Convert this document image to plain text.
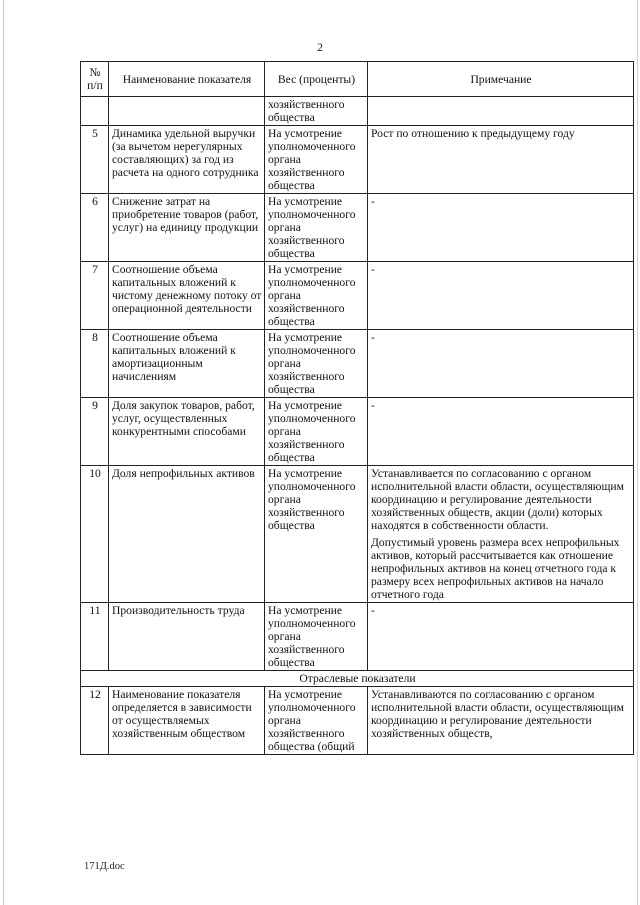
2
№ п/п	Наименование показателя	Вес (проценты)	Примечание
		хозяйственного общества	
5	Динамика удельной выручки (за вычетом нерегулярных составляющих) за год из расчета на одного сотрудника	На усмотрение уполномоченного органа хозяйственного общества	Рост по отношению к предыдущему году

6	Снижение затрат на приобретение товаров (работ, услуг) на единицу продукции	На усмотрение уполномоченного органа хозяйственного общества	-

7	Соотношение объема капитальных вложений к чистому денежному потоку от операционной деятельности	На усмотрение уполномоченного органа хозяйственного общества	-

8	Соотношение объема капитальных вложений к амортизационным начислениям	На усмотрение уполномоченного органа хозяйственного общества	-

9	Доля закупок товаров, работ, услуг, осуществленных конкурентными способами	На усмотрение уполномоченного органа хозяйственного общества	-

10	Доля непрофильных активов	На усмотрение уполномоченного органа хозяйственного общества	Устанавливается по согласованию с органом исполнительной власти области, осуществляющим координацию и регулирование деятельности хозяйственных обществ, акции (доли) которых находятся в собственности области.

Допустимый уровень размера всех непрофильных активов, который рассчитывается как отношение непрофильных активов на конец отчетного года к размеру всех непрофильных активов на начало отчетного года

11	Производительность труда	На усмотрение уполномоченного органа хозяйственного общества	-

Отраслевые показатели			
12	Наименование показателя определяется в зависимости от осуществляемых хозяйственным обществом	На усмотрение уполномоченного органа хозяйственного общества (общий	Устанавливаются по согласованию с органом исполнительной власти области, осуществляющим координацию и регулирование деятельности хозяйственных обществ,

171Д.doc
